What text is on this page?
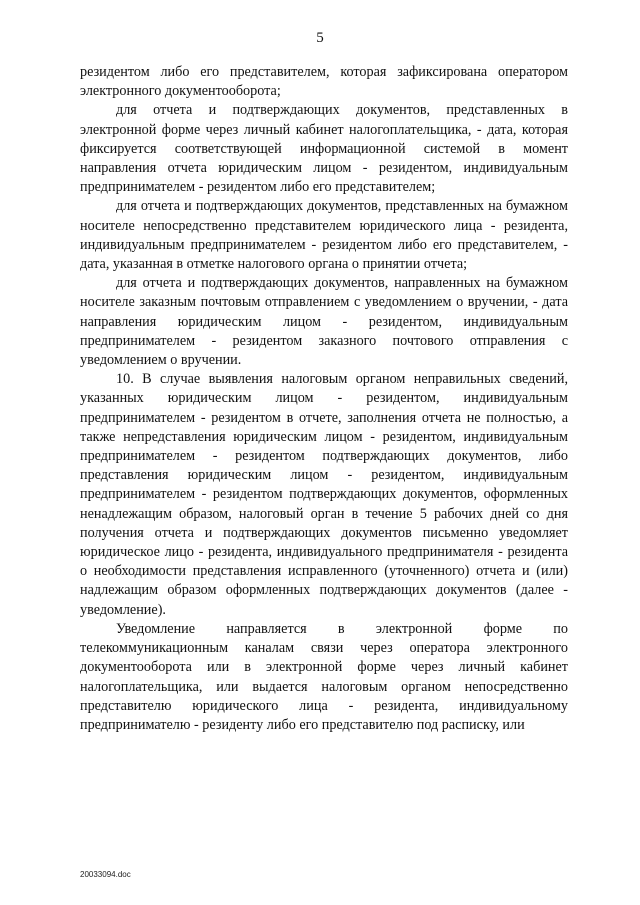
5

резидентом либо его представителем, которая зафиксирована оператором электронного документооборота;

для отчета и подтверждающих документов, представленных в электронной форме через личный кабинет налогоплательщика, - дата, которая фиксируется соответствующей информационной системой в момент направления отчета юридическим лицом - резидентом, индивидуальным предпринимателем - резидентом либо его представителем;

для отчета и подтверждающих документов, представленных на бумажном носителе непосредственно представителем юридического лица - резидента, индивидуальным предпринимателем - резидентом либо его представителем, - дата, указанная в отметке налогового органа о принятии отчета;

для отчета и подтверждающих документов, направленных на бумажном носителе заказным почтовым отправлением с уведомлением о вручении, - дата направления юридическим лицом - резидентом, индивидуальным предпринимателем - резидентом заказного почтового отправления с уведомлением о вручении.

10. В случае выявления налоговым органом неправильных сведений, указанных юридическим лицом - резидентом, индивидуальным предпринимателем - резидентом в отчете, заполнения отчета не полностью, а также непредставления юридическим лицом - резидентом, индивидуальным предпринимателем - резидентом подтверждающих документов, либо представления юридическим лицом - резидентом, индивидуальным предпринимателем - резидентом подтверждающих документов, оформленных ненадлежащим образом, налоговый орган в течение 5 рабочих дней со дня получения отчета и подтверждающих документов письменно уведомляет юридическое лицо - резидента, индивидуального предпринимателя - резидента о необходимости представления исправленного (уточненного) отчета и (или) надлежащим образом оформленных подтверждающих документов (далее - уведомление).

Уведомление направляется в электронной форме по телекоммуникационным каналам связи через оператора электронного документооборота или в электронной форме через личный кабинет налогоплательщика, или выдается налоговым органом непосредственно представителю юридического лица - резидента, индивидуальному предпринимателю - резиденту либо его представителю под расписку, или

20033094.doc
